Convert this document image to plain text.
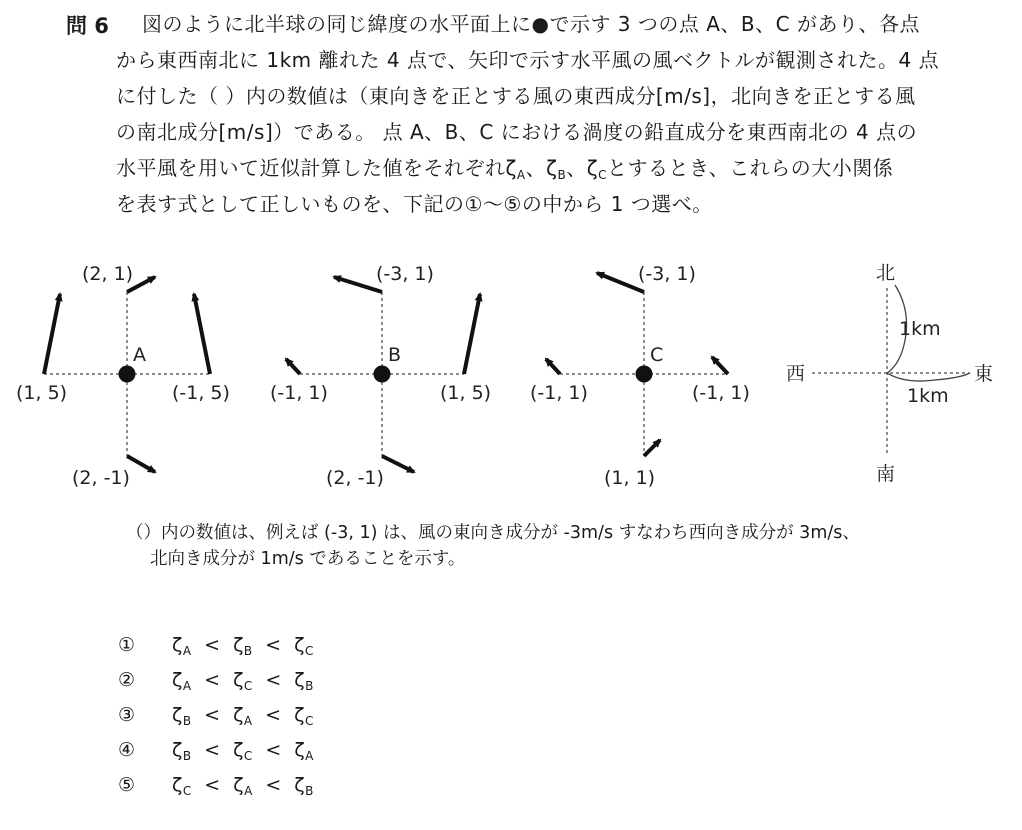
問 6 図のように北半球の同じ緯度の水平面上に●で示す 3 つの点 A、B、C があり、各点
から東西南北に 1km 離れた 4 点で、矢印で示す水平風の風ベクトルが観測された。4 点
に付した（ ）内の数値は（東向きを正とする風の東西成分[m/s]，北向きを正とする風
の南北成分[m/s]）である。 点 A、B、C における渦度の鉛直成分を東西南北の 4 点の
水平風を用いて近似計算した値をそれぞれ$\zeta_A$、$\zeta_B$、$\zeta_C$とするとき、これらの大小関係
を表す式として正しいものを、下記の①〜⑤の中から 1 つ選べ。
A
(2, 1)
(1, 5)	(-1, 5)
(2, -1)
B
(-3, 1)
(-1, 1)	(1, 5)
(2, -1)
C
(-3, 1)
(-1, 1)	(-1, 1)
(1, 1)
北
南
西	東
1km
1km
（）内の数値は、例えば (-3, 1) は、風の東向き成分が -3m/s すなわち西向き成分が 3m/s、
北向き成分が 1m/s であることを示す。
① $\zeta_A < \zeta_B < \zeta_C$
② $\zeta_A < \zeta_C < \zeta_B$
③ $\zeta_B < \zeta_A < \zeta_C$
④ $\zeta_B < \zeta_C < \zeta_A$
⑤ $\zeta_C < \zeta_A < \zeta_B$
